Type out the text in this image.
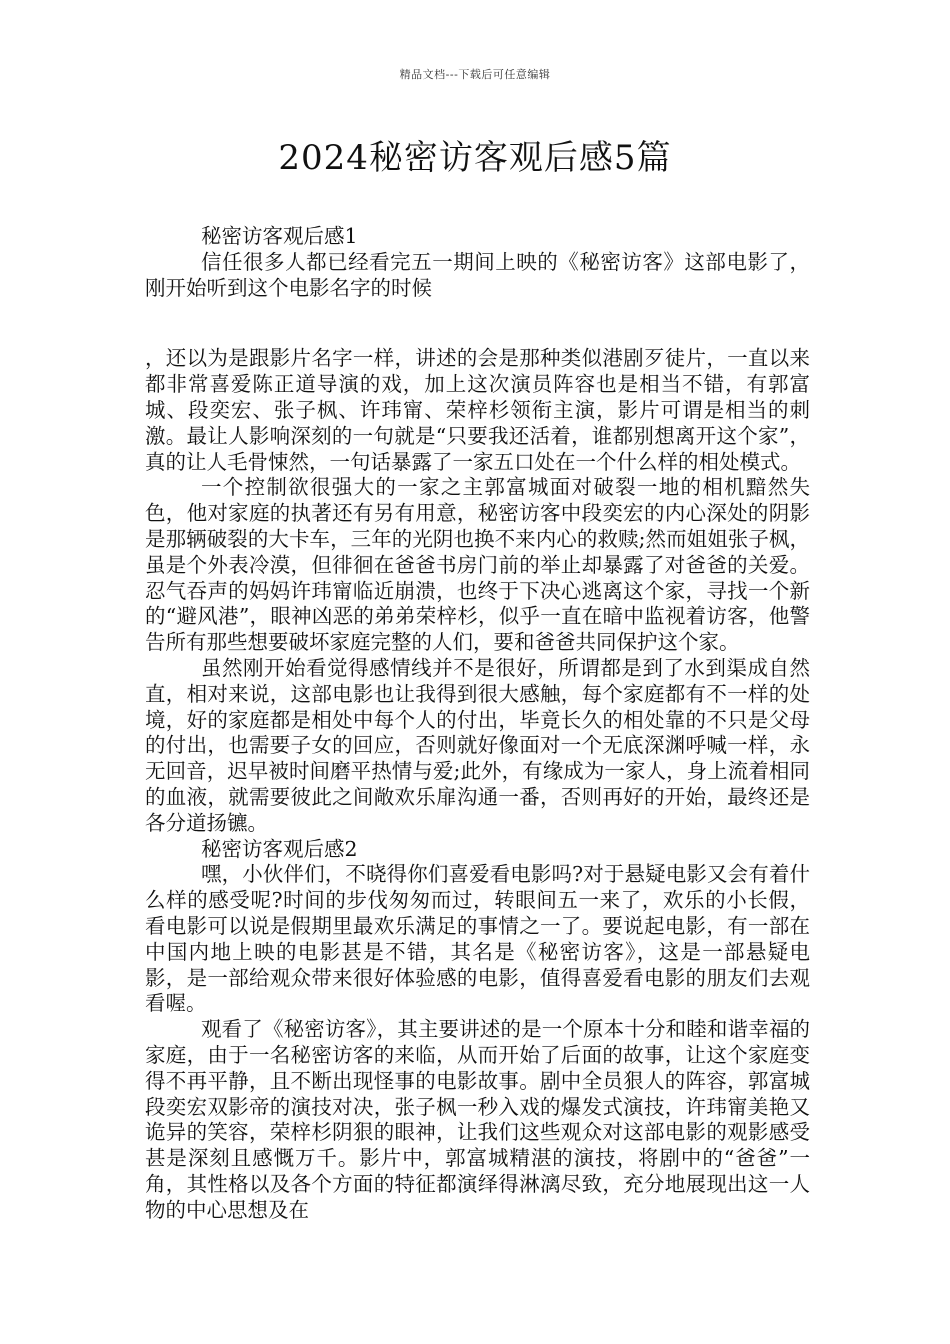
精品文档---下载后可任意编辑
2024秘密访客观后感5篇

秘密访客观后感1

信任很多人都已经看完五一期间上映的《秘密访客》这部电影了，刚开始听到这个电影名字的时候

，还以为是跟影片名字一样，讲述的会是那种类似港剧歹徒片，一直以来都非常喜爱陈正道导演的戏，加上这次演员阵容也是相当不错，有郭富城、段奕宏、张子枫、许玮甯、荣梓杉领衔主演，影片可谓是相当的刺激。最让人影响深刻的一句就是“只要我还活着，谁都别想离开这个家”，真的让人毛骨悚然，一句话暴露了一家五口处在一个什么样的相处模式。

一个控制欲很强大的一家之主郭富城面对破裂一地的相机黯然失色，他对家庭的执著还有另有用意，秘密访客中段奕宏的内心深处的阴影是那辆破裂的大卡车，三年的光阴也换不来内心的救赎;然而姐姐张子枫，虽是个外表冷漠，但徘徊在爸爸书房门前的举止却暴露了对爸爸的关爱。忍气吞声的妈妈许玮甯临近崩溃，也终于下决心逃离这个家，寻找一个新的“避风港”，眼神凶恶的弟弟荣梓杉，似乎一直在暗中监视着访客，他警告所有那些想要破坏家庭完整的人们，要和爸爸共同保护这个家。

虽然刚开始看觉得感情线并不是很好，所谓都是到了水到渠成自然直，相对来说，这部电影也让我得到很大感触，每个家庭都有不一样的处境，好的家庭都是相处中每个人的付出，毕竟长久的相处靠的不只是父母的付出，也需要子女的回应，否则就好像面对一个无底深渊呼喊一样，永无回音，迟早被时间磨平热情与爱;此外，有缘成为一家人，身上流着相同的血液，就需要彼此之间敞欢乐扉沟通一番，否则再好的开始，最终还是各分道扬镳。

秘密访客观后感2

嘿，小伙伴们，不晓得你们喜爱看电影吗?对于悬疑电影又会有着什么样的感受呢?时间的步伐匆匆而过，转眼间五一来了，欢乐的小长假，看电影可以说是假期里最欢乐满足的事情之一了。要说起电影，有一部在中国内地上映的电影甚是不错，其名是《秘密访客》，这是一部悬疑电影，是一部给观众带来很好体验感的电影，值得喜爱看电影的朋友们去观看喔。

观看了《秘密访客》，其主要讲述的是一个原本十分和睦和谐幸福的家庭，由于一名秘密访客的来临，从而开始了后面的故事，让这个家庭变得不再平静，且不断出现怪事的电影故事。剧中全员狠人的阵容，郭富城段奕宏双影帝的演技对决，张子枫一秒入戏的爆发式演技，许玮甯美艳又诡异的笑容，荣梓杉阴狠的眼神，让我们这些观众对这部电影的观影感受甚是深刻且感慨万千。影片中，郭富城精湛的演技，将剧中的“爸爸”一角，其性格以及各个方面的特征都演绎得淋漓尽致，充分地展现出这一人物的中心思想及在
